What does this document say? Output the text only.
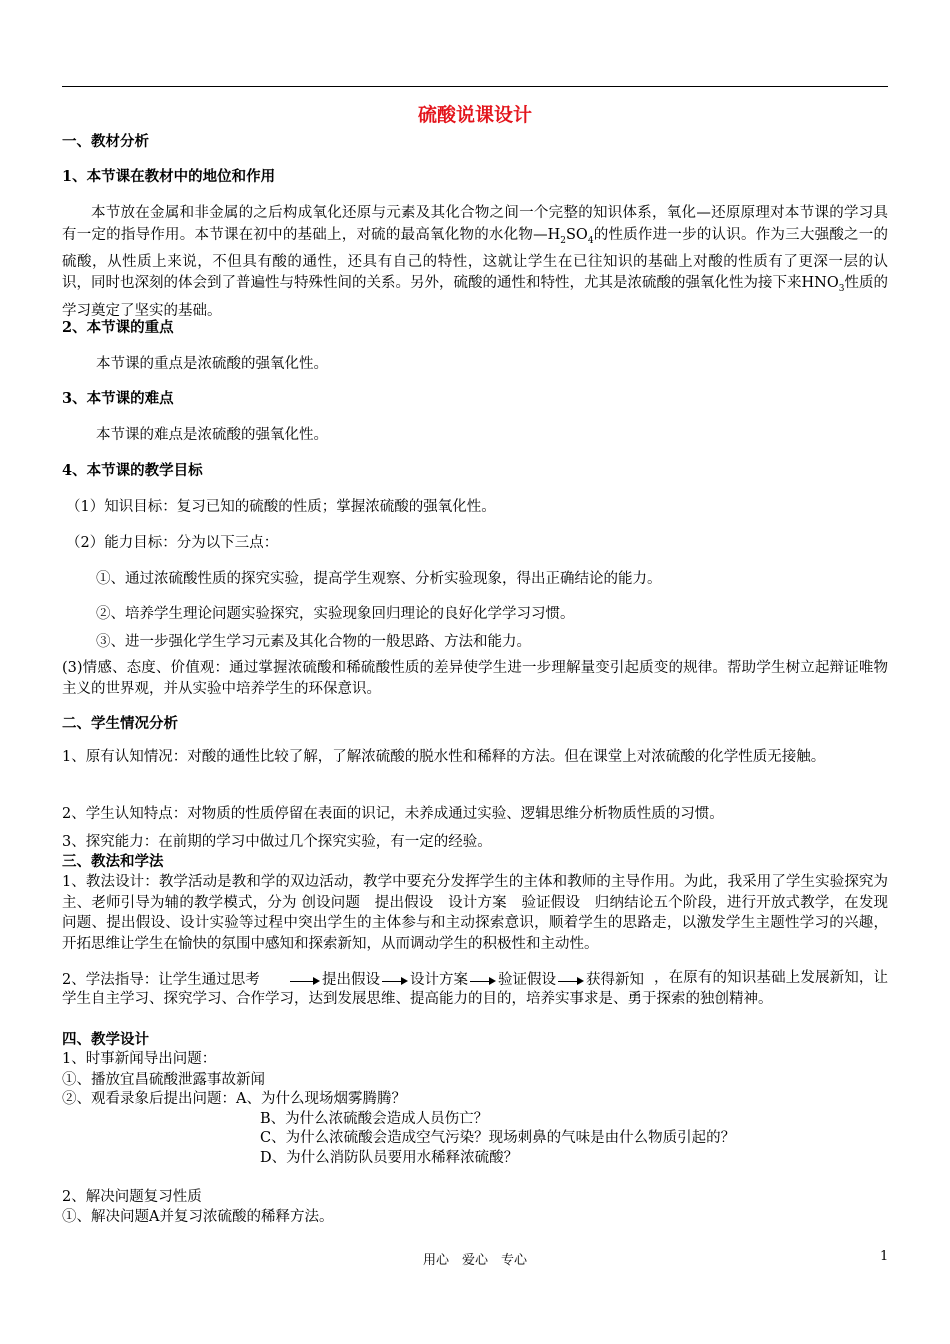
硫酸说课设计
一、教材分析
1、本节课在教材中的地位和作用
本节放在金属和非金属的之后构成氧化还原与元素及其化合物之间一个完整的知识体系，氧化—还原原理对本节课的学习具有一定的指导作用。本节课在初中的基础上，对硫的最高氧化物的水化物$—H_2SO_4$的性质作进一步的认识。作为三大强酸之一的硫酸，从性质上来说，不但具有酸的通性，还具有自己的特性，这就让学生在已往知识的基础上对酸的性质有了更深一层的认识，同时也深刻的体会到了普遍性与特殊性间的关系。另外，硫酸的通性和特性，尤其是浓硫酸的强氧化性为接下来$HNO_3$性质的学习奠定了坚实的基础。
2、本节课的重点
本节课的重点是浓硫酸的强氧化性。
3、本节课的难点
本节课的难点是浓硫酸的强氧化性。
4、本节课的教学目标
（1）知识目标：复习已知的硫酸的性质；掌握浓硫酸的强氧化性。
（2）能力目标：分为以下三点：
①、通过浓硫酸性质的探究实验，提高学生观察、分析实验现象，得出正确结论的能力。
②、培养学生理论问题实验探究，实验现象回归理论的良好化学学习习惯。
③、进一步强化学生学习元素及其化合物的一般思路、方法和能力。
(3)情感、态度、价值观：通过掌握浓硫酸和稀硫酸性质的差异使学生进一步理解量变引起质变的规律。帮助学生树立起辩证唯物主义的世界观，并从实验中培养学生的环保意识。
二、学生情况分析
1、原有认知情况：对酸的通性比较了解，了解浓硫酸的脱水性和稀释的方法。但在课堂上对浓硫酸的化学性质无接触。
2、学生认知特点：对物质的性质停留在表面的识记，未养成通过实验、逻辑思维分析物质性质的习惯。
3、探究能力：在前期的学习中做过几个探究实验，有一定的经验。
三、教法和学法
1、教法设计：教学活动是教和学的双边活动，教学中要充分发挥学生的主体和教师的主导作用。为此，我采用了学生实验探究为主、老师引导为辅的教学模式，分为 创设问题　提出假设　设计方案　验证假设　归纳结论五个阶段，进行开放式教学，在发现问题、提出假设、设计实验等过程中突出学生的主体参与和主动探索意识，顺着学生的思路走，以激发学生主题性学习的兴趣，开拓思维让学生在愉快的氛围中感知和探索新知，从而调动学生的积极性和主动性。
2、学法指导：让学生通过思考	提出假设 设计方案 验证假设 获得新知 ，在原有的知识基础上发展新知，让学生自主学习、探究学习、合作学习，达到发展思维、提高能力的目的，培养实事求是、勇于探索的独创精神。
四、教学设计
1、时事新闻导出问题：
①、播放宜昌硫酸泄露事故新闻
②、观看录象后提出问题：A、为什么现场烟雾腾腾？
B、为什么浓硫酸会造成人员伤亡？
C、为什么浓硫酸会造成空气污染？现场刺鼻的气味是由什么物质引起的？
D、为什么消防队员要用水稀释浓硫酸？
2、解决问题复习性质
①、解决问题A并复习浓硫酸的稀释方法。
用心　爱心　专心	1
